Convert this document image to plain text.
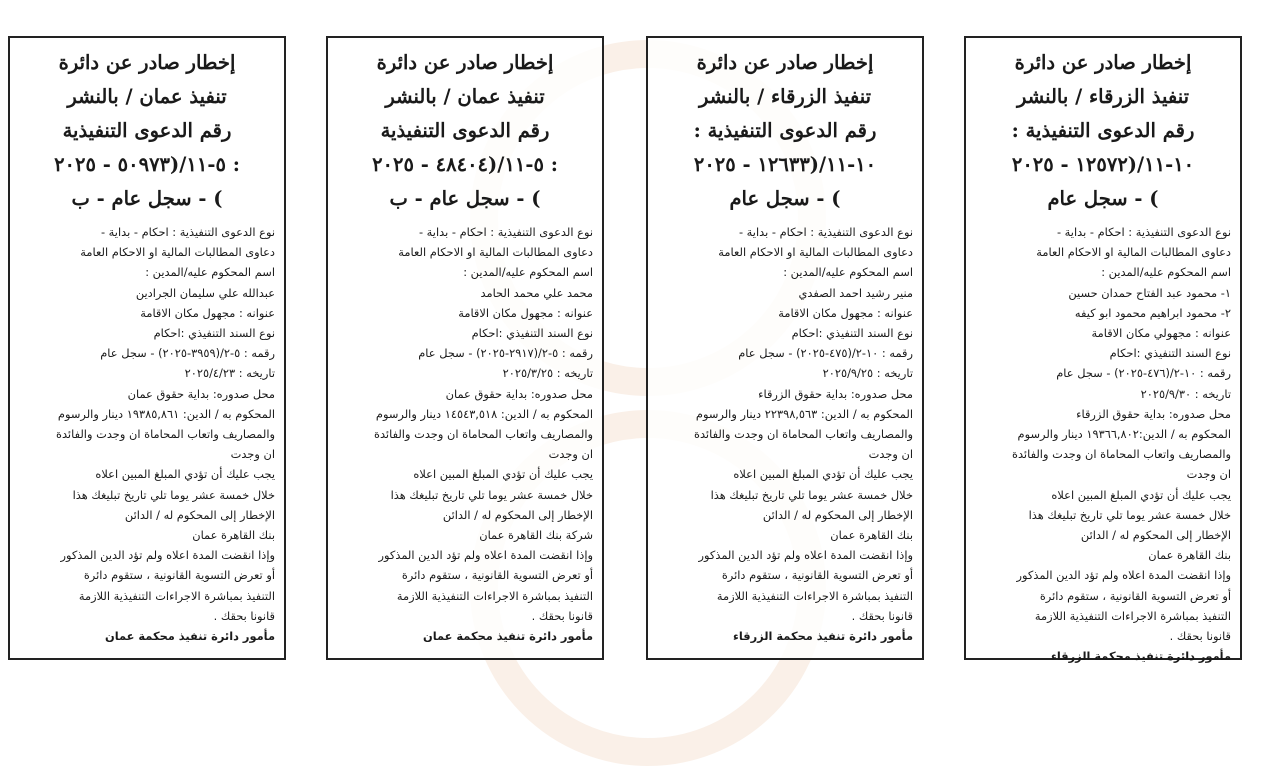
إخطار صادر عن دائرة

تنفيذ عمان / بالنشر

رقم الدعوى التنفيذية

: ٥-١١/(٥٠٩٧٣ - ٢٠٢٥

) - سجل عام - ب

نوع الدعوى التنفيذية : احكام - بداية -
دعاوى المطالبات المالية او الاحكام العامة
اسم المحكوم عليه/المدين :
عبدالله علي سليمان الجرادين
عنوانه : مجهول مكان الاقامة
نوع السند التنفيذي :احكام
رقمه : ٥-٢/(٣٩٥٩-٢٠٢٥) - سجل عام
تاريخه : ٢٠٢٥/٤/٢٣
محل صدوره: بداية حقوق عمان
المحكوم به / الدين: ١٩٣٨٥,٨٦١ دينار والرسوم
والمصاريف واتعاب المحاماة ان وجدت والفائدة
ان وجدت
يجب عليك أن تؤدي المبلغ المبين اعلاه
خلال خمسة عشر يوما تلي تاريخ تبليغك هذا
الإخطار إلى المحكوم له / الدائن
بنك القاهرة عمان
وإذا انقضت المدة اعلاه ولم تؤد الدين المذكور
أو تعرض التسوية القانونية ، ستقوم دائرة
التنفيذ بمباشرة الاجراءات التنفيذية اللازمة
قانونا بحقك .
مأمور دائرة تنفيذ محكمة عمان

إخطار صادر عن دائرة

تنفيذ عمان / بالنشر

رقم الدعوى التنفيذية

: ٥-١١/(٤٨٤٠٤ - ٢٠٢٥

) - سجل عام - ب

نوع الدعوى التنفيذية : احكام - بداية -
دعاوى المطالبات المالية او الاحكام العامة
اسم المحكوم عليه/المدين :
محمد علي محمد الحامد
عنوانه : مجهول مكان الاقامة
نوع السند التنفيذي :احكام
رقمه : ٥-٢/(٢٩١٧-٢٠٢٥) - سجل عام
تاريخه : ٢٠٢٥/٣/٢٥
محل صدوره: بداية حقوق عمان
المحكوم به / الدين: ١٤٥٤٣,٥١٨ دينار والرسوم
والمصاريف واتعاب المحاماة ان وجدت والفائدة
ان وجدت
يجب عليك أن تؤدي المبلغ المبين اعلاه
خلال خمسة عشر يوما تلي تاريخ تبليغك هذا
الإخطار إلى المحكوم له / الدائن
شركة بنك القاهرة عمان
وإذا انقضت المدة اعلاه ولم تؤد الدين المذكور
أو تعرض التسوية القانونية ، ستقوم دائرة
التنفيذ بمباشرة الاجراءات التنفيذية اللازمة
قانونا بحقك .
مأمور دائرة تنفيذ محكمة عمان

إخطار صادر عن دائرة

تنفيذ الزرقاء / بالنشر

رقم الدعوى التنفيذية :

١٠-١١/(١٢٦٣٣ - ٢٠٢٥

) - سجل عام

نوع الدعوى التنفيذية : احكام - بداية -
دعاوى المطالبات المالية او الاحكام العامة
اسم المحكوم عليه/المدين :
منير رشيد احمد الصفدي
عنوانه : مجهول مكان الاقامة
نوع السند التنفيذي :احكام
رقمه : ١٠-٢/(٤٧٥-٢٠٢٥) - سجل عام
تاريخه : ٢٠٢٥/٩/٢٥
محل صدوره: بداية حقوق الزرقاء
المحكوم به / الدين: ٢٢٣٩٨,٥٦٣ دينار والرسوم
والمصاريف واتعاب المحاماة ان وجدت والفائدة
ان وجدت
يجب عليك أن تؤدي المبلغ المبين اعلاه
خلال خمسة عشر يوما تلي تاريخ تبليغك هذا
الإخطار إلى المحكوم له / الدائن
بنك القاهرة عمان
وإذا انقضت المدة اعلاه ولم تؤد الدين المذكور
أو تعرض التسوية القانونية ، ستقوم دائرة
التنفيذ بمباشرة الاجراءات التنفيذية اللازمة
قانونا بحقك .
مأمور دائرة تنفيذ محكمة الزرقاء

إخطار صادر عن دائرة

تنفيذ الزرقاء / بالنشر

رقم الدعوى التنفيذية :

١٠-١١/(١٢٥٧٢ - ٢٠٢٥

) - سجل عام

نوع الدعوى التنفيذية : احكام - بداية -
دعاوى المطالبات المالية او الاحكام العامة
اسم المحكوم عليه/المدين :
١- محمود عبد الفتاح حمدان حسين
٢- محمود ابراهيم محمود ابو كيفه
عنوانه : مجهولي مكان الاقامة
نوع السند التنفيذي :احكام
رقمه : ١٠-٢/(٤٧٦-٢٠٢٥) - سجل عام
تاريخه : ٢٠٢٥/٩/٣٠
محل صدوره: بداية حقوق الزرقاء
المحكوم به / الدين:١٩٣٦٦,٨٠٢ دينار والرسوم
والمصاريف واتعاب المحاماة ان وجدت والفائدة
ان وجدت
يجب عليك أن تؤدي المبلغ المبين اعلاه
خلال خمسة عشر يوما تلي تاريخ تبليغك هذا
الإخطار إلى المحكوم له / الدائن
بنك القاهرة عمان
وإذا انقضت المدة اعلاه ولم تؤد الدين المذكور
أو تعرض التسوية القانونية ، ستقوم دائرة
التنفيذ بمباشرة الاجراءات التنفيذية اللازمة
قانونا بحقك .
مأمور دائرة تنفيذ محكمة الزرقاء
